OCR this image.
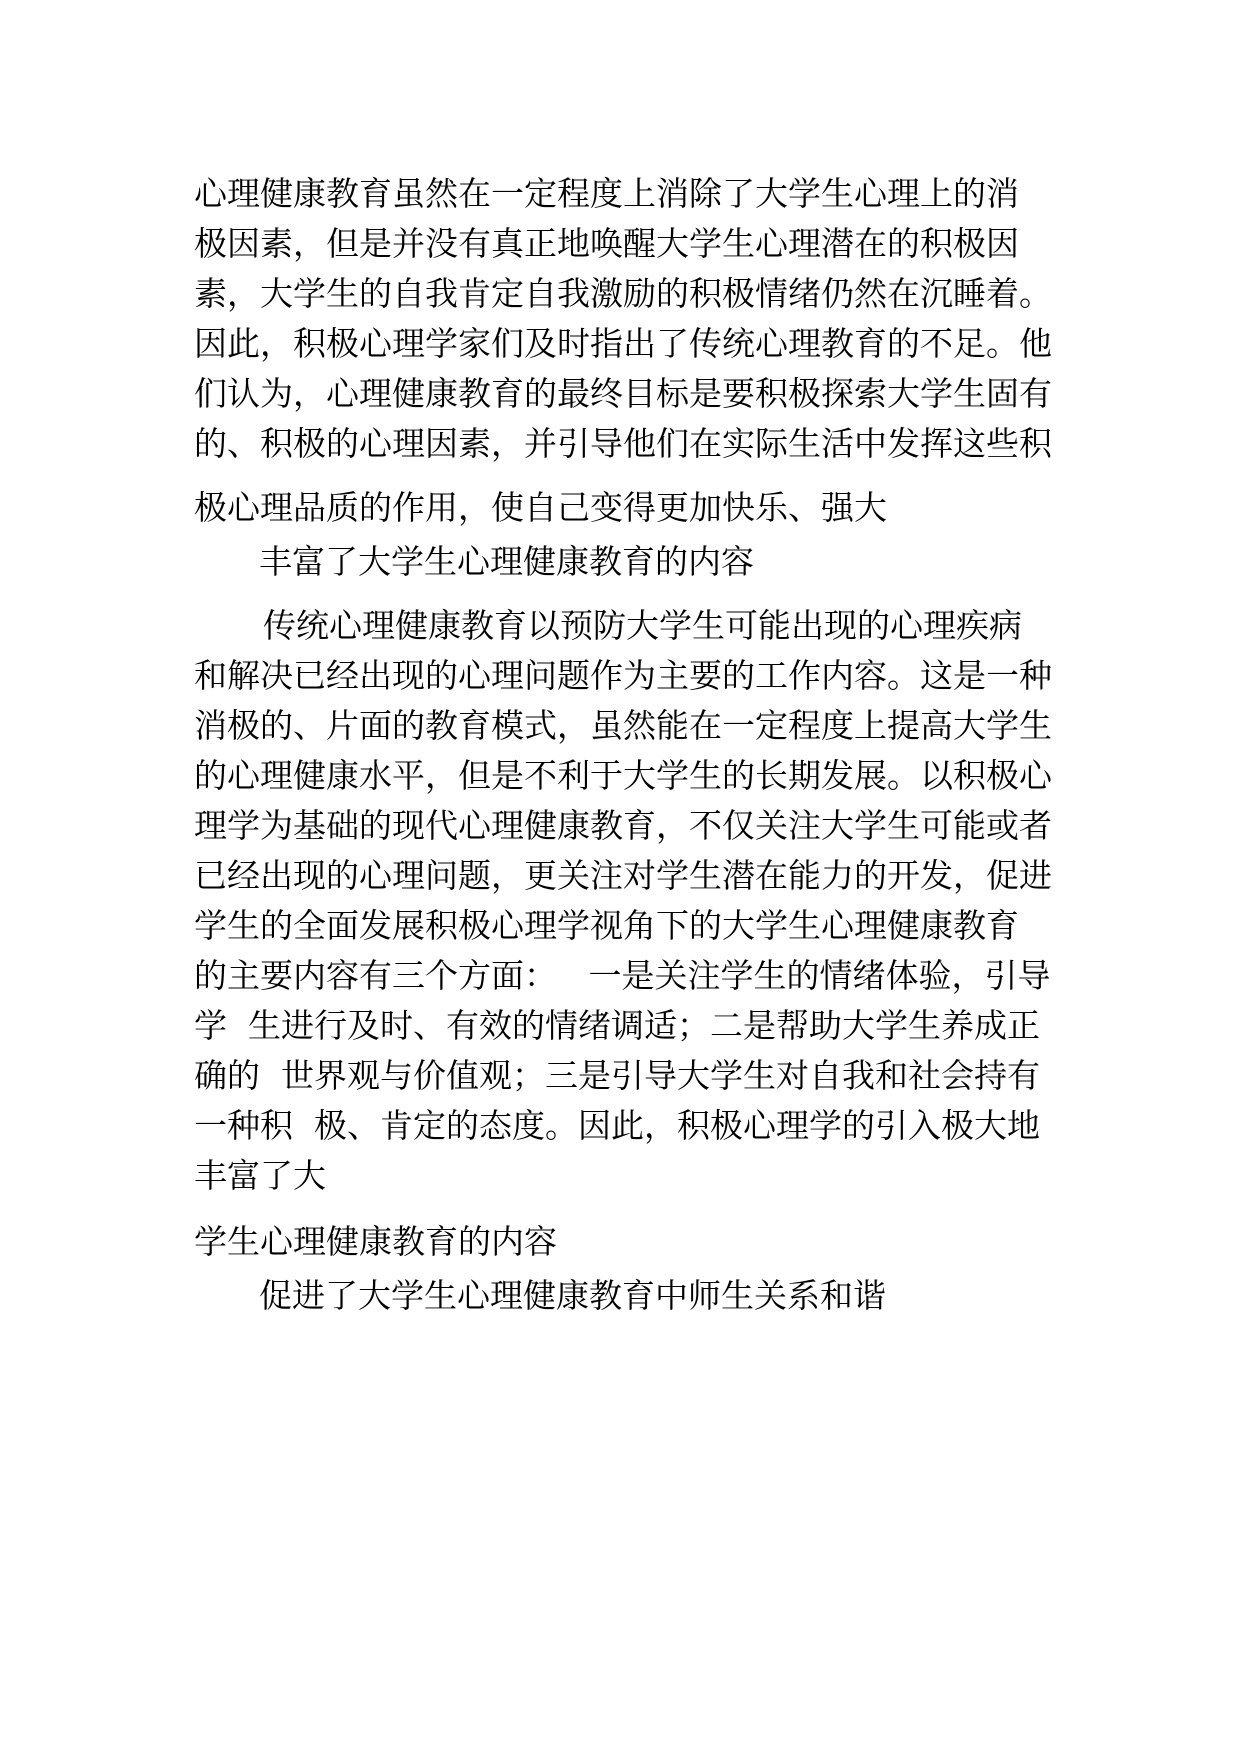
心理健康教育虽然在一定程度上消除了大学生心理上的消
极因素，但是并没有真正地唤醒大学生心理潜在的积极因
素，大学生的自我肯定自我激励的积极情绪仍然在沉睡着。
因此，积极心理学家们及时指出了传统心理教育的不足。他
们认为，心理健康教育的最终目标是要积极探索大学生固有
的、积极的心理因素，并引导他们在实际生活中发挥这些积
极心理品质的作用，使自己变得更加快乐、强大
丰富了大学生心理健康教育的内容
传统心理健康教育以预防大学生可能出现的心理疾病
和解决已经出现的心理问题作为主要的工作内容。这是一种
消极的、片面的教育模式，虽然能在一定程度上提高大学生
的心理健康水平，但是不利于大学生的长期发展。以积极心
理学为基础的现代心理健康教育，不仅关注大学生可能或者
已经出现的心理问题，更关注对学生潜在能力的开发，促进
学生的全面发展积极心理学视角下的大学生心理健康教育
的主要内容有三个方面：   一是关注学生的情绪体验，引导
学  生进行及时、有效的情绪调适；二是帮助大学生养成正
确的  世界观与价值观；三是引导大学生对自我和社会持有
一种积  极、肯定的态度。因此，积极心理学的引入极大地
丰富了大
学生心理健康教育的内容
促进了大学生心理健康教育中师生关系和谐
